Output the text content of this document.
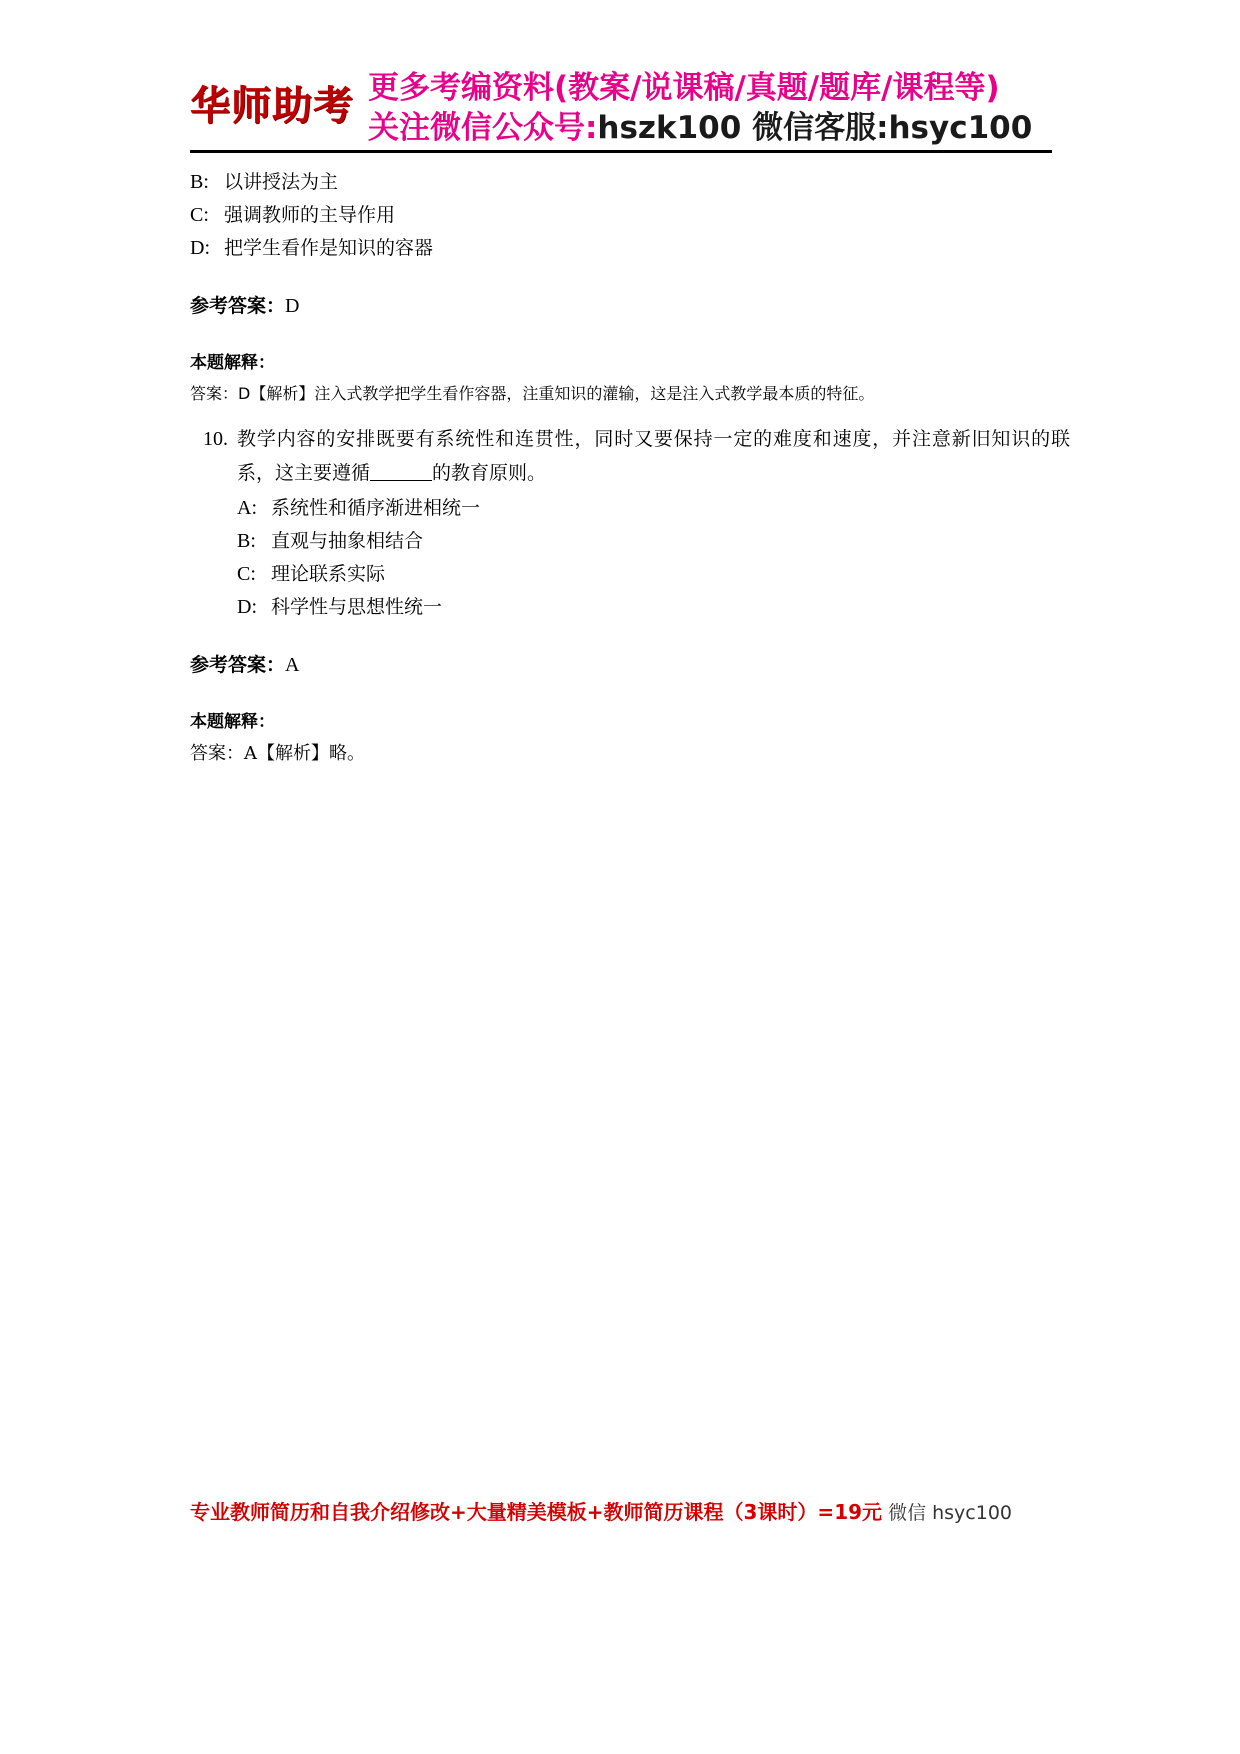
华师助考 更多考编资料(教案/说课稿/真题/题库/课程等)
关注微信公众号:hszk100 微信客服:hsyc100
B: 以讲授法为主
C: 强调教师的主导作用
D: 把学生看作是知识的容器
参考答案：D
本题解释：
答案：D【解析】注入式教学把学生看作容器，注重知识的灌输，这是注入式教学最本质的特征。
10. 教学内容的安排既要有系统性和连贯性，同时又要保持一定的难度和速度，并注意新旧知识的联系，这主要遵循	的教育原则。
A: 系统性和循序渐进相统一
B: 直观与抽象相结合
C: 理论联系实际
D: 科学性与思想性统一
参考答案：A
本题解释：
答案：A【解析】略。
专业教师简历和自我介绍修改+大量精美模板+教师简历课程（3课时）=19元 微信 hsyc100
